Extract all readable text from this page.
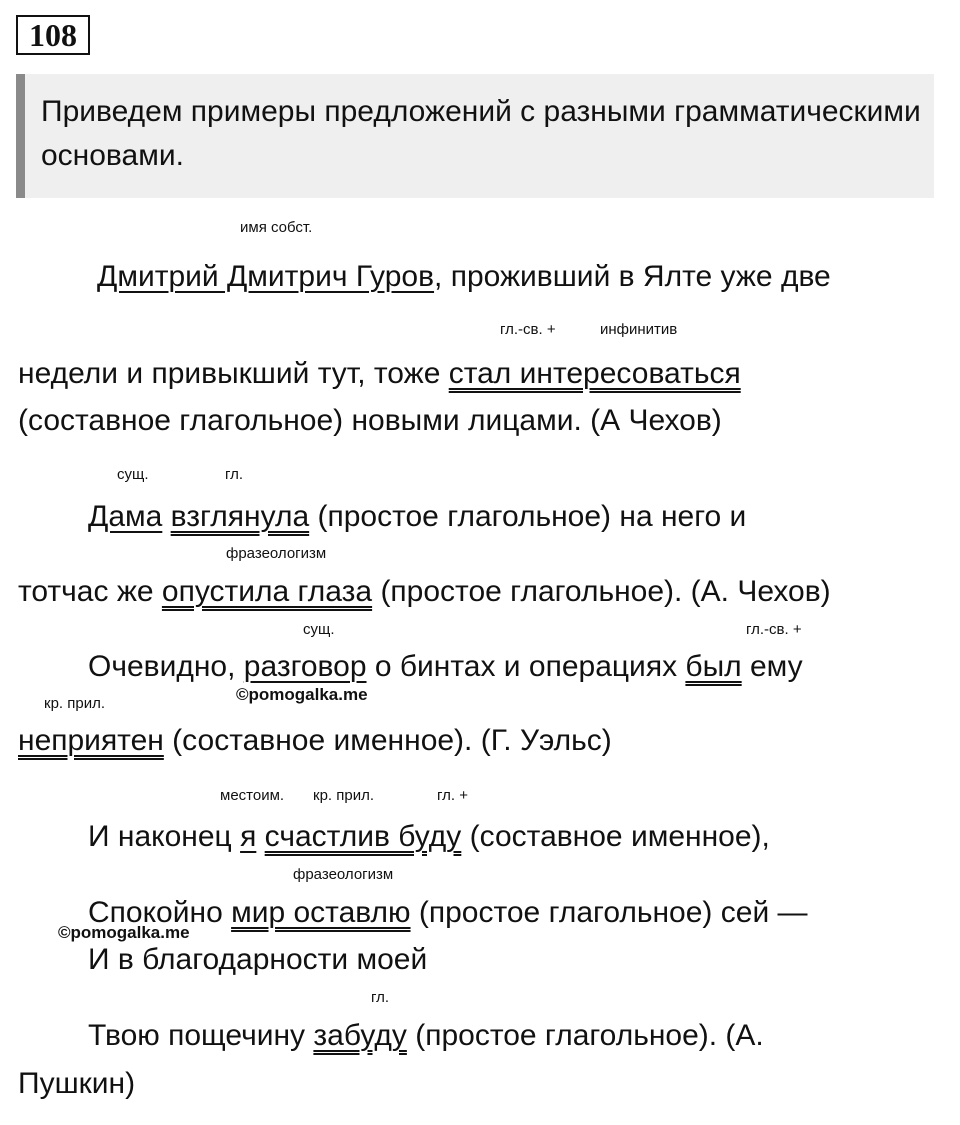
108
Приведем примеры предложений с разными грамматическими основами.
имя собст.
гл.-св. +	инфинитив
сущ.	гл.
фразеологизм
сущ.	гл.-св. +
кр. прил.
местоим. кр. прил.	гл. +
фразеологизм
гл.
©pomogalka.me
©pomogalka.me
Дмитрий Дмитрич Гуров, проживший в Ялте уже две
недели и привыкший тут, тоже стал интересоваться
(составное глагольное) новыми лицами. (А Чехов)
Дама взглянула (простое глагольное) на него и
тотчас же опустила глаза (простое глагольное). (А. Чехов)
Очевидно, разговор о бинтах и операциях был ему
неприятен (составное именное). (Г. Уэльс)
И наконец я счастлив буду (составное именное),
Спокойно мир оставлю (простое глагольное) сей —
И в благодарности моей
Твою пощечину забуду (простое глагольное). (А.
Пушкин)
